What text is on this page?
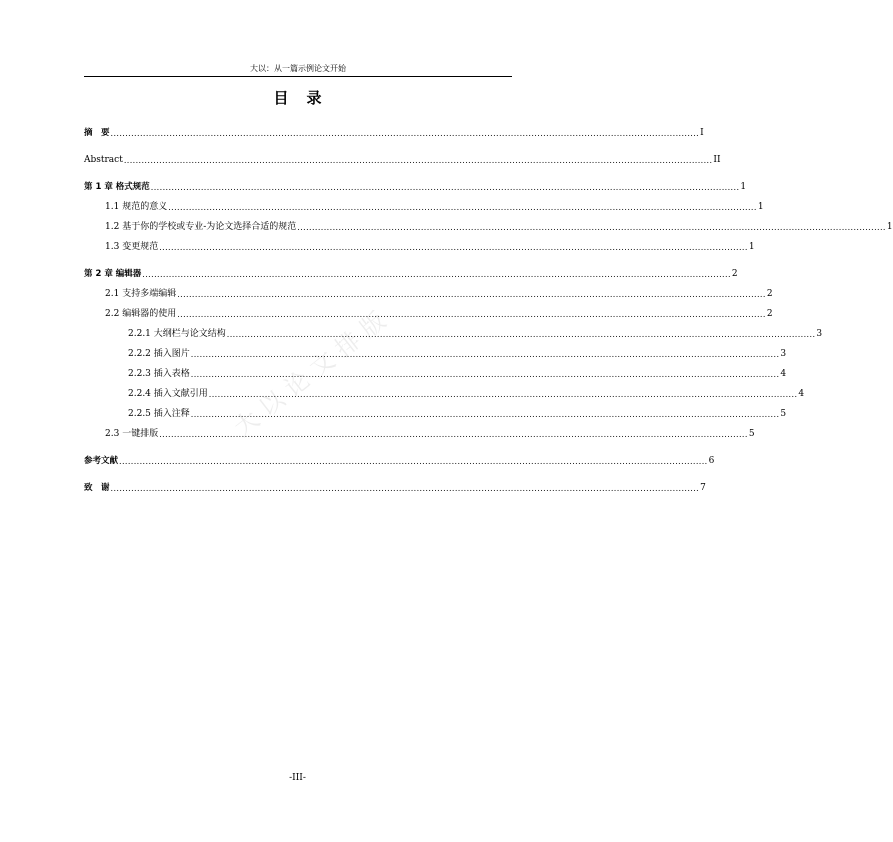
大以：从一篇示例论文开始
目 录
大以论文排版
摘　要 ........................................................................................................................................................................................................ I
Abstract ........................................................................................................................................................................................................ II
第 1 章 格式规范 ........................................................................................................................................................................................................ 1
1.1 规范的意义 ........................................................................................................................................................................................................ 1
1.2 基于你的学校或专业-为论文选择合适的规范 ........................................................................................................................................................................................................ 1
1.3 变更规范 ........................................................................................................................................................................................................ 1
第 2 章 编辑器 ........................................................................................................................................................................................................ 2
2.1 支持多端编辑 ........................................................................................................................................................................................................ 2
2.2 编辑器的使用 ........................................................................................................................................................................................................ 2
2.2.1 大纲栏与论文结构 ........................................................................................................................................................................................................ 3
2.2.2 插入图片 ........................................................................................................................................................................................................ 3
2.2.3 插入表格 ........................................................................................................................................................................................................ 4
2.2.4 插入文献引用 ........................................................................................................................................................................................................ 4
2.2.5 插入注释 ........................................................................................................................................................................................................ 5
2.3 一键排版 ........................................................................................................................................................................................................ 5
参考文献 ........................................................................................................................................................................................................ 6
致　谢 ........................................................................................................................................................................................................ 7
-III-
